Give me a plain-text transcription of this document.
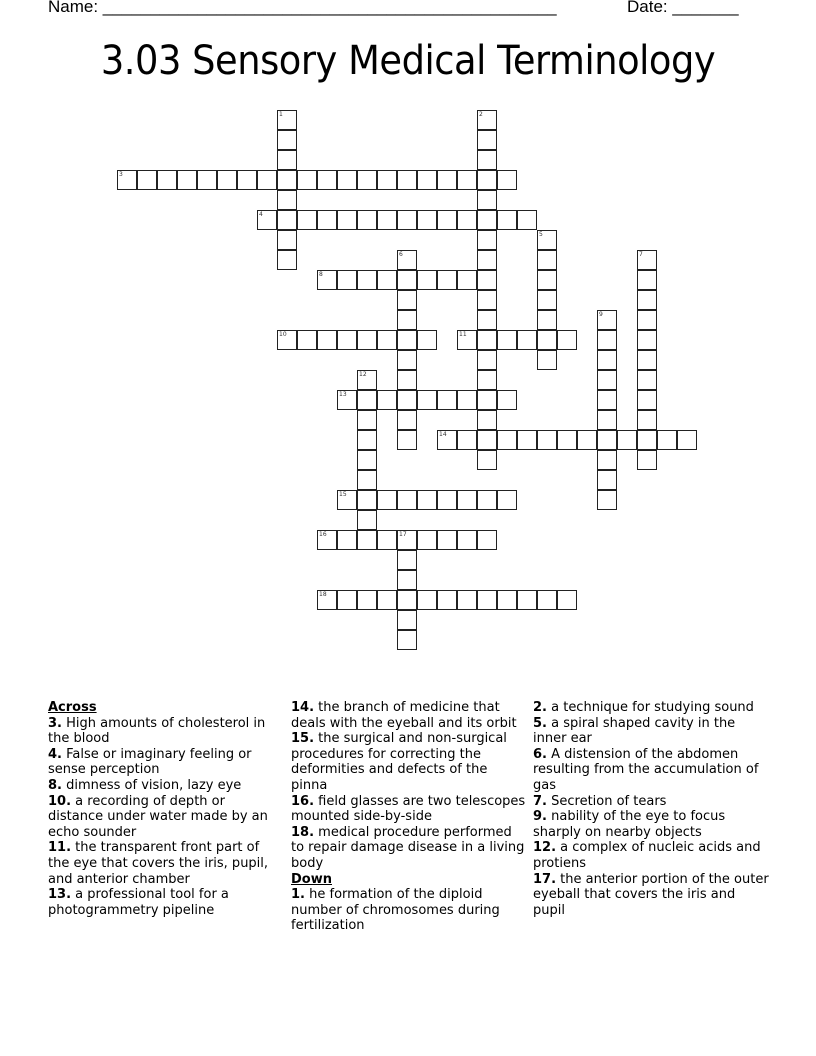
Name: ________________________________________________	Date: _______
3.03 Sensory Medical Terminology
1	2
3
4
5
6	7
8
9
10	11
12
13
14
15
16	17
18
Across
3. High amounts of cholesterol in the blood
4. False or imaginary feeling or sense perception
8. dimness of vision, lazy eye
10. a recording of depth or distance under water made by an echo sounder
11. the transparent front part of the eye that covers the iris, pupil, and anterior chamber
13. a professional tool for a photogrammetry pipeline
14. the branch of medicine that deals with the eyeball and its orbit
15. the surgical and non-surgical procedures for correcting the deformities and defects of the pinna
16. field glasses are two telescopes mounted side-by-side
18. medical procedure performed to repair damage disease in a living body
Down
1. he formation of the diploid number of chromosomes during fertilization
2. a technique for studying sound
5. a spiral shaped cavity in the inner ear
6. A distension of the abdomen resulting from the accumulation of gas
7. Secretion of tears
9. nability of the eye to focus sharply on nearby objects
12. a complex of nucleic acids and protiens
17. the anterior portion of the outer eyeball that covers the iris and pupil
